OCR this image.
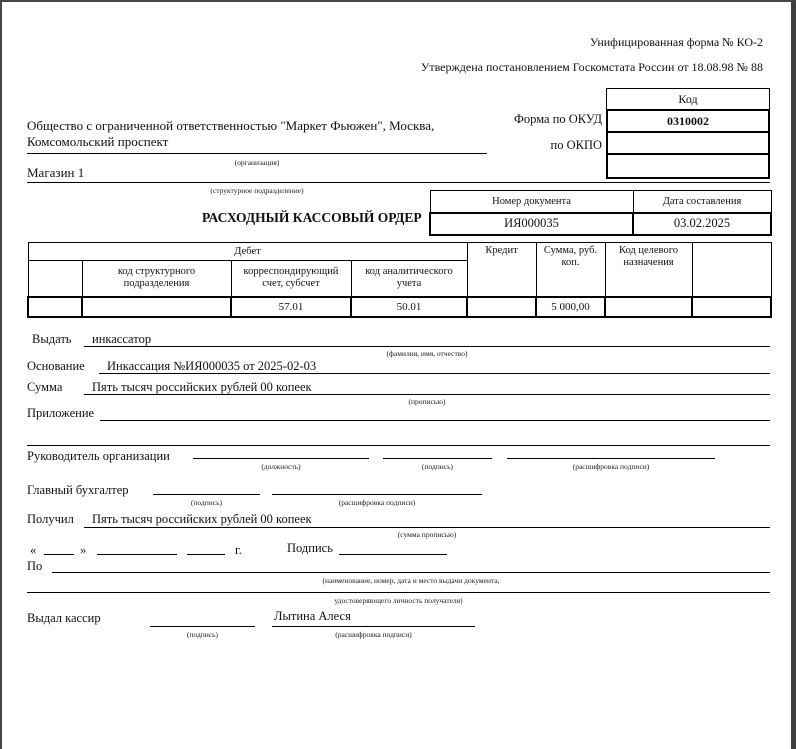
Унифицированная форма № КО-2
Утверждена постановлением Госкомстата России от 18.08.98 № 88
Код
0310002
Форма по ОКУД
по ОКПО
Общество с ограниченной ответственностью "Маркет Фьюжен", Москва, Комсомольский проспект
(организация)
Магазин 1
(структурное подразделение)
РАСХОДНЫЙ КАССОВЫЙ ОРДЕР
Номер документа	Дата составления
ИЯ000035	03.02.2025
Дебет				Кредит	Сумма, руб. коп.	Код целевого назначения	
	код структурного подразделения	корреспондирующий счет, субсчет	код аналитического учета				
		57.01	50.01		5 000,00		
Выдать	инкассатор
(фамилия, имя, отчество)
Основание	Инкассация №ИЯ000035 от 2025-02-03
Сумма	Пять тысяч российских рублей 00 копеек
(прописью)
Приложение
Руководитель организации
(должность)	(подпись)	(расшифровка подписи)
Главный бухгалтер
(подпись)	(расшифровка подписи)
Получил	Пять тысяч российских рублей 00 копеек
(сумма прописью)
«	»	г.	Подпись
По
(наименование, номер, дата и место выдачи документа,
удостоверяющего личность получателя)
Выдал кассир
(подпись)
Лытина Алеся
(расшифровка подписи)
